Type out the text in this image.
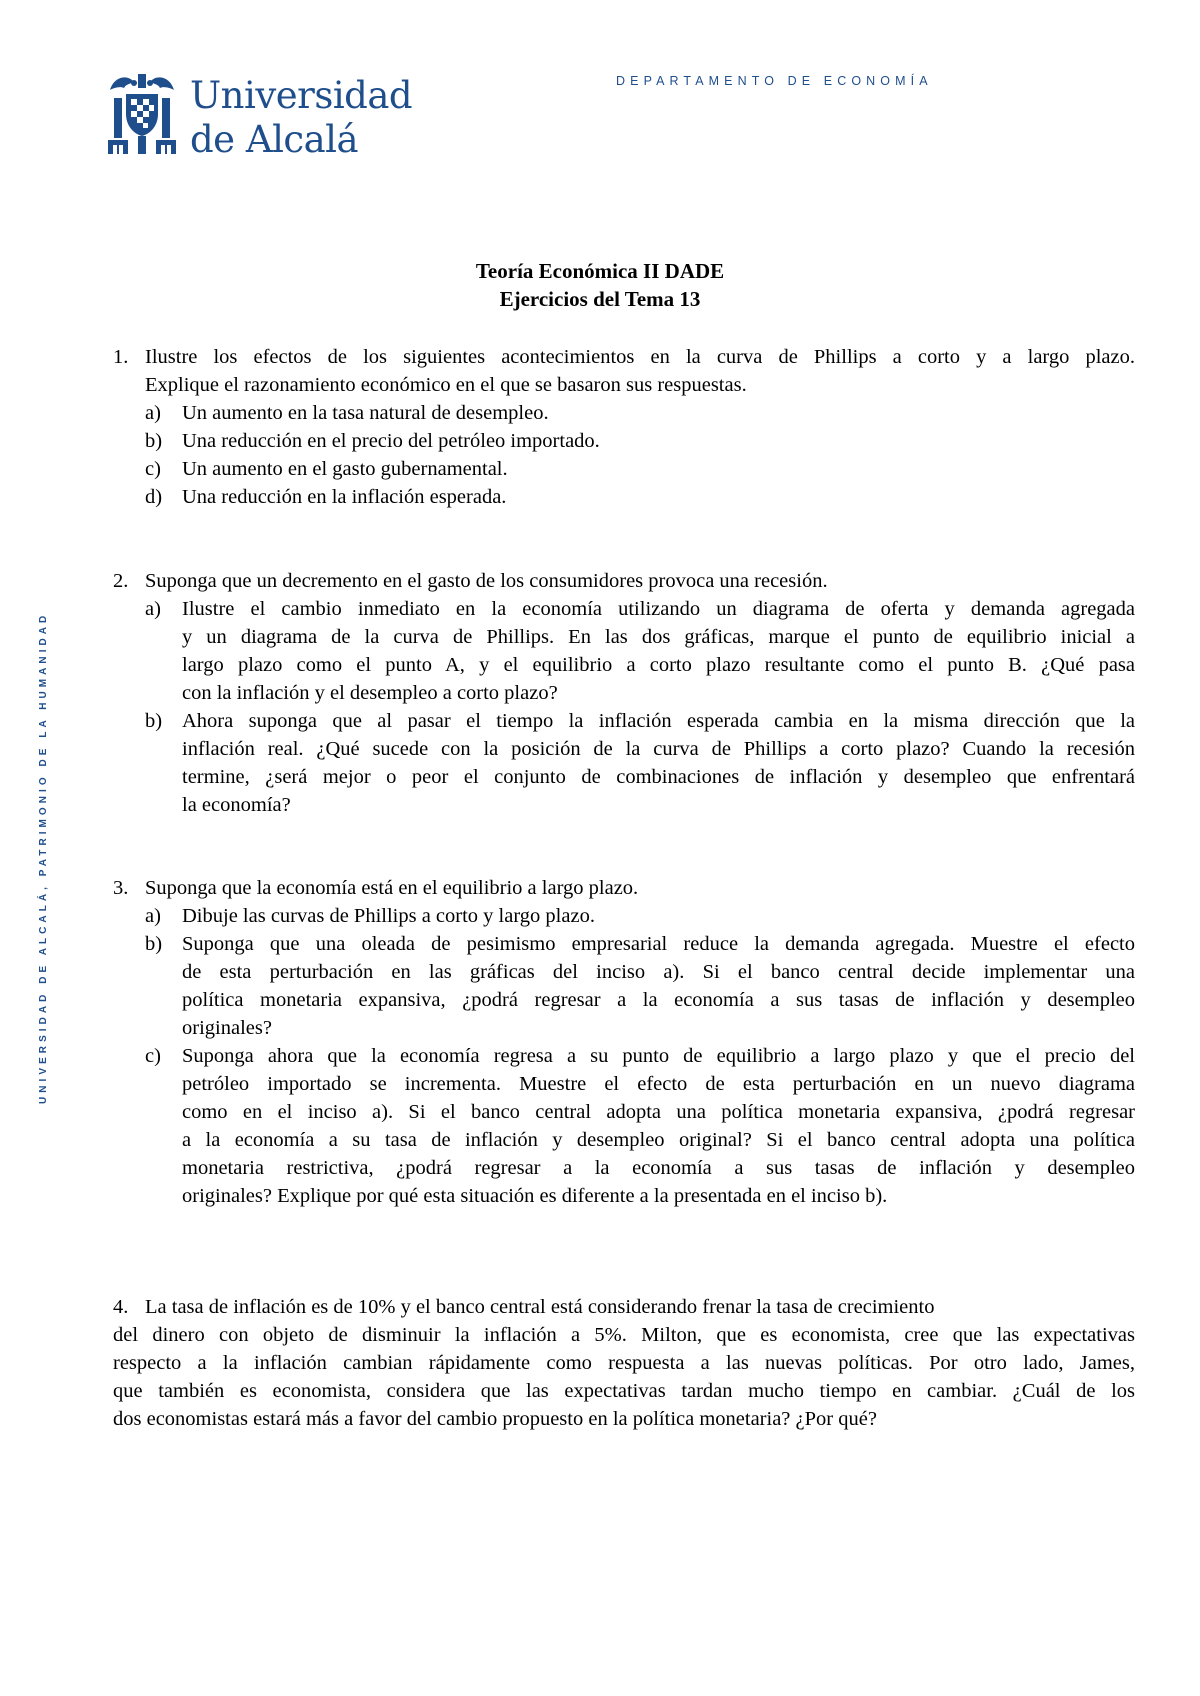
Universidad
de Alcalá
DEPARTAMENTO DE ECONOMÍA
UNIVERSIDAD DE ALCALÁ, PATRIMONIO DE LA HUMANIDAD
Teoría Económica II DADE
Ejercicios del Tema 13
1. Ilustre los efectos de los siguientes acontecimientos en la curva de Phillips a corto y a largo plazo.
Explique el razonamiento económico en el que se basaron sus respuestas.
a) Un aumento en la tasa natural de desempleo.
b) Una reducción en el precio del petróleo importado.
c) Un aumento en el gasto gubernamental.
d) Una reducción en la inflación esperada.
2. Suponga que un decremento en el gasto de los consumidores provoca una recesión.
a) Ilustre el cambio inmediato en la economía utilizando un diagrama de oferta y demanda agregada
y un diagrama de la curva de Phillips. En las dos gráficas, marque el punto de equilibrio inicial a
largo plazo como el punto A, y el equilibrio a corto plazo resultante como el punto B. ¿Qué pasa
con la inflación y el desempleo a corto plazo?
b) Ahora suponga que al pasar el tiempo la inflación esperada cambia en la misma dirección que la
inflación real. ¿Qué sucede con la posición de la curva de Phillips a corto plazo? Cuando la recesión
termine, ¿será mejor o peor el conjunto de combinaciones de inflación y desempleo que enfrentará
la economía?
3. Suponga que la economía está en el equilibrio a largo plazo.
a) Dibuje las curvas de Phillips a corto y largo plazo.
b) Suponga que una oleada de pesimismo empresarial reduce la demanda agregada. Muestre el efecto
de esta perturbación en las gráficas del inciso a). Si el banco central decide implementar una
política monetaria expansiva, ¿podrá regresar a la economía a sus tasas de inflación y desempleo
originales?
c) Suponga ahora que la economía regresa a su punto de equilibrio a largo plazo y que el precio del
petróleo importado se incrementa. Muestre el efecto de esta perturbación en un nuevo diagrama
como en el inciso a). Si el banco central adopta una política monetaria expansiva, ¿podrá regresar
a la economía a su tasa de inflación y desempleo original? Si el banco central adopta una política
monetaria restrictiva, ¿podrá regresar a la economía a sus tasas de inflación y desempleo
originales? Explique por qué esta situación es diferente a la presentada en el inciso b).
4. La tasa de inflación es de 10% y el banco central está considerando frenar la tasa de crecimiento
del dinero con objeto de disminuir la inflación a 5%. Milton, que es economista, cree que las expectativas
respecto a la inflación cambian rápidamente como respuesta a las nuevas políticas. Por otro lado, James,
que también es economista, considera que las expectativas tardan mucho tiempo en cambiar. ¿Cuál de los
dos economistas estará más a favor del cambio propuesto en la política monetaria? ¿Por qué?
